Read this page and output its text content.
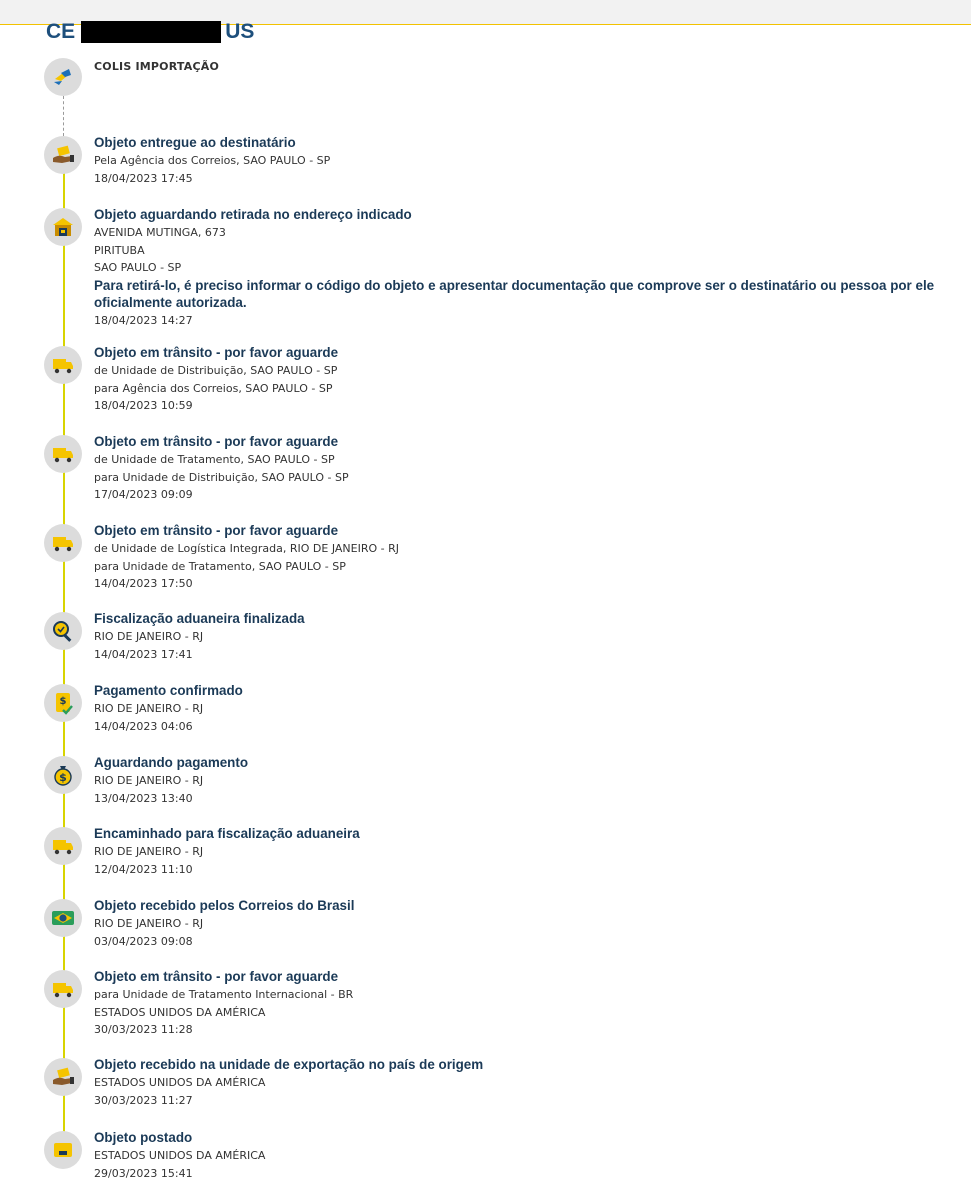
CE	US
COLIS IMPORTAÇÃO
Objeto entregue ao destinatário
Pela Agência dos Correios, SAO PAULO - SP
18/04/2023 17:45
Objeto aguardando retirada no endereço indicado
AVENIDA MUTINGA, 673
PIRITUBA
SAO PAULO - SP
Para retirá-lo, é preciso informar o código do objeto e apresentar documentação que comprove ser o destinatário ou pessoa por ele oficialmente autorizada.
18/04/2023 14:27
Objeto em trânsito - por favor aguarde
de Unidade de Distribuição, SAO PAULO - SP
para Agência dos Correios, SAO PAULO - SP
18/04/2023 10:59
Objeto em trânsito - por favor aguarde
de Unidade de Tratamento, SAO PAULO - SP
para Unidade de Distribuição, SAO PAULO - SP
17/04/2023 09:09
Objeto em trânsito - por favor aguarde
de Unidade de Logística Integrada, RIO DE JANEIRO - RJ
para Unidade de Tratamento, SAO PAULO - SP
14/04/2023 17:50
Fiscalização aduaneira finalizada
RIO DE JANEIRO - RJ
14/04/2023 17:41
Pagamento confirmado
RIO DE JANEIRO - RJ
14/04/2023 04:06
Aguardando pagamento
RIO DE JANEIRO - RJ
13/04/2023 13:40
Encaminhado para fiscalização aduaneira
RIO DE JANEIRO - RJ
12/04/2023 11:10
Objeto recebido pelos Correios do Brasil
RIO DE JANEIRO - RJ
03/04/2023 09:08
Objeto em trânsito - por favor aguarde
para Unidade de Tratamento Internacional - BR
ESTADOS UNIDOS DA AMÉRICA
30/03/2023 11:28
Objeto recebido na unidade de exportação no país de origem
ESTADOS UNIDOS DA AMÉRICA
30/03/2023 11:27
Objeto postado
ESTADOS UNIDOS DA AMÉRICA
29/03/2023 15:41
